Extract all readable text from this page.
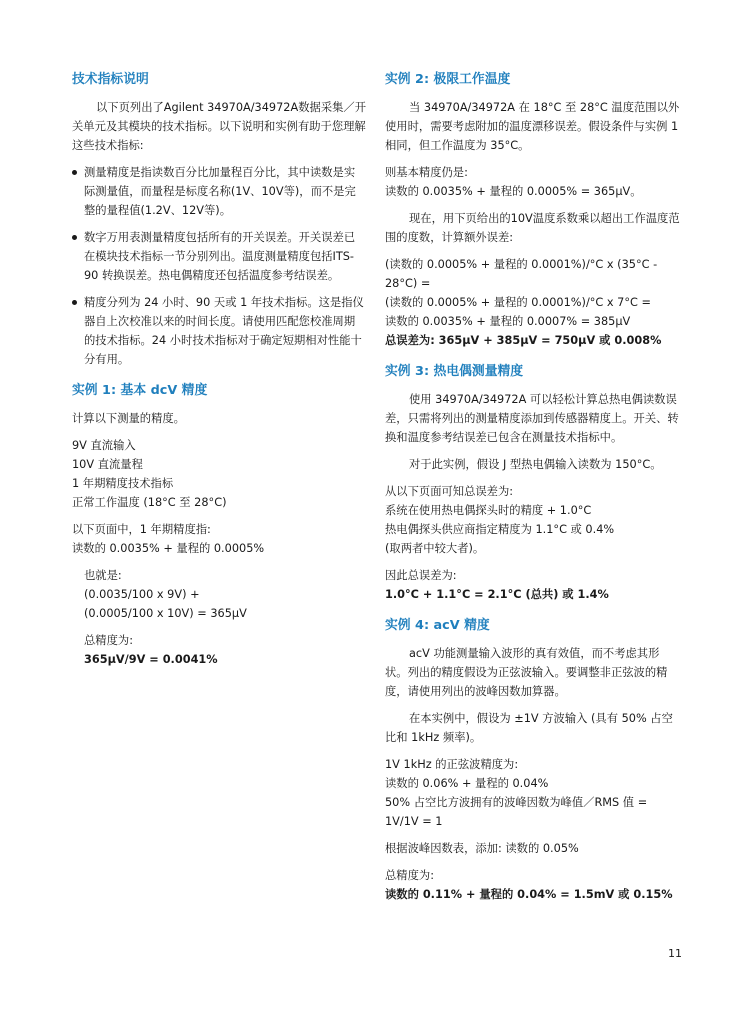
技术指标说明

以下页列出了Agilent 34970A/34972A数据采集／开关单元及其模块的技术指标。以下说明和实例有助于您理解这些技术指标:

测量精度是指读数百分比加量程百分比，其中读数是实际测量值，而量程是标度名称(1V、10V等)，而不是完整的量程值(1.2V、12V等)。
数字万用表测量精度包括所有的开关误差。开关误差已在模块技术指标一节分别列出。温度测量精度包括ITS-90 转换误差。热电偶精度还包括温度参考结误差。
精度分列为 24 小时、90 天或 1 年技术指标。这是指仪器自上次校准以来的时间长度。请使用匹配您校准周期的技术指标。24 小时技术指标对于确定短期相对性能十分有用。
实例 1: 基本 dcV 精度

计算以下测量的精度。

9V 直流输入

10V 直流量程

1 年期精度技术指标

正常工作温度 (18°C 至 28°C)

以下页面中，1 年期精度指:

读数的 0.0035% + 量程的 0.0005%

也就是:

(0.0035/100 x 9V) +

(0.0005/100 x 10V) = 365μV

总精度为:

365μV/9V = 0.0041%

实例 2: 极限工作温度

当 34970A/34972A 在 18°C 至 28°C 温度范围以外使用时，需要考虑附加的温度漂移误差。假设条件与实例 1 相同，但工作温度为 35°C。

则基本精度仍是:

读数的 0.0035% + 量程的 0.0005% = 365μV。

现在，用下页给出的10V温度系数乘以超出工作温度范围的度数，计算额外误差:

(读数的 0.0005% + 量程的 0.0001%)/°C x (35°C - 28°C) =

(读数的 0.0005% + 量程的 0.0001%)/°C x 7°C =

读数的 0.0035% + 量程的 0.0007% = 385μV

总误差为: 365μV + 385μV = 750μV 或 0.008%

实例 3: 热电偶测量精度

使用 34970A/34972A 可以轻松计算总热电偶读数误差，只需将列出的测量精度添加到传感器精度上。开关、转换和温度参考结误差已包含在测量技术指标中。

对于此实例，假设 J 型热电偶输入读数为 150°C。

从以下页面可知总误差为:

系统在使用热电偶探头时的精度 + 1.0°C

热电偶探头供应商指定精度为 1.1°C 或 0.4%

(取两者中较大者)。

因此总误差为:

1.0°C + 1.1°C = 2.1°C (总共) 或 1.4%

实例 4: acV 精度

acV 功能测量输入波形的真有效值，而不考虑其形状。列出的精度假设为正弦波输入。要调整非正弦波的精度，请使用列出的波峰因数加算器。

在本实例中，假设为 ±1V 方波输入 (具有 50% 占空比和 1kHz 频率)。

1V 1kHz 的正弦波精度为:

读数的 0.06% + 量程的 0.04%

50% 占空比方波拥有的波峰因数为峰值／RMS 值 =

1V/1V = 1

根据波峰因数表，添加: 读数的 0.05%

总精度为:

读数的 0.11% + 量程的 0.04% = 1.5mV 或 0.15%

11
